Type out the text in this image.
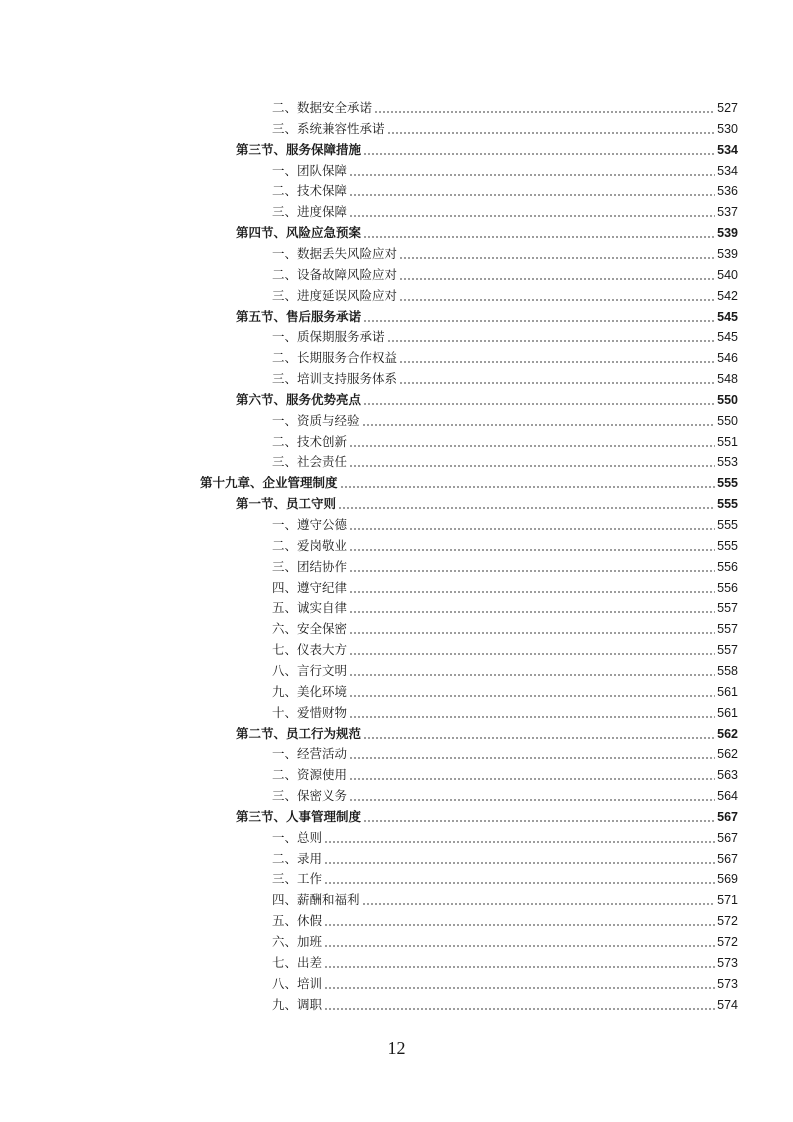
二、数据安全承诺	527
三、系统兼容性承诺	530
第三节、服务保障措施	534
一、团队保障	534
二、技术保障	536
三、进度保障	537
第四节、风险应急预案	539
一、数据丢失风险应对	539
二、设备故障风险应对	540
三、进度延误风险应对	542
第五节、售后服务承诺	545
一、质保期服务承诺	545
二、长期服务合作权益	546
三、培训支持服务体系	548
第六节、服务优势亮点	550
一、资质与经验	550
二、技术创新	551
三、社会责任	553
第十九章、企业管理制度	555
第一节、员工守则	555
一、遵守公德	555
二、爱岗敬业	555
三、团结协作	556
四、遵守纪律	556
五、诚实自律	557
六、安全保密	557
七、仪表大方	557
八、言行文明	558
九、美化环境	561
十、爱惜财物	561
第二节、员工行为规范	562
一、经营活动	562
二、资源使用	563
三、保密义务	564
第三节、人事管理制度	567
一、总则	567
二、录用	567
三、工作	569
四、薪酬和福利	571
五、休假	572
六、加班	572
七、出差	573
八、培训	573
九、调职	574
12
